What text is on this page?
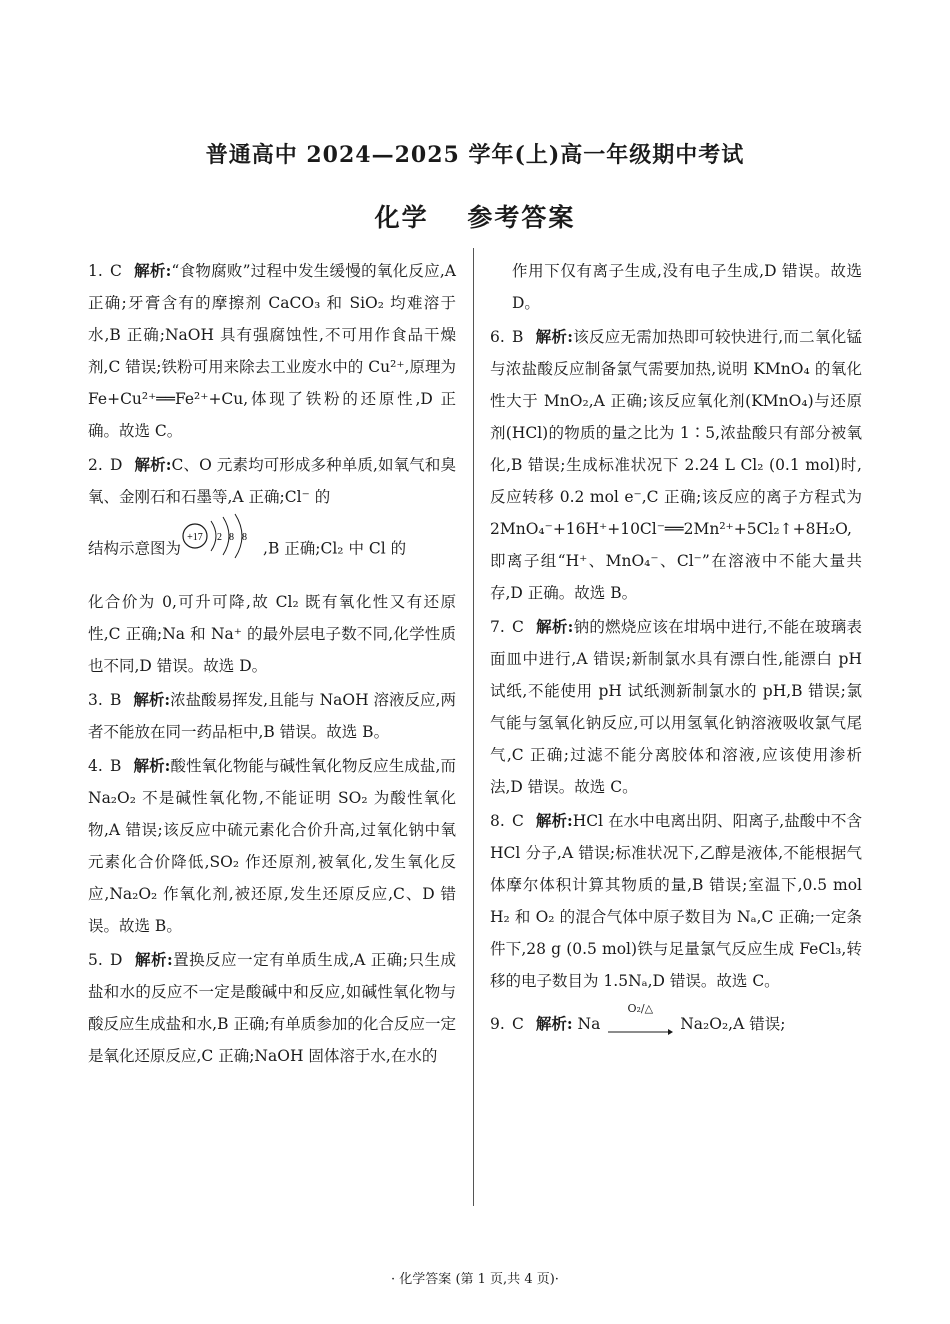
普通高中 2024—2025 学年(上)高一年级期中考试
化学 参考答案
1. C 解析:“食物腐败”过程中发生缓慢的氧化反应,A 正确;牙膏含有的摩擦剂 CaCO₃ 和 SiO₂ 均难溶于水,B 正确;NaOH 具有强腐蚀性,不可用作食品干燥剂,C 错误;铁粉可用来除去工业废水中的 Cu²⁺,原理为 Fe+Cu²⁺══Fe²⁺+Cu,体现了铁粉的还原性,D 正确。故选 C。
2. D 解析:C、O 元素均可形成多种单质,如氧气和臭氧、金刚石和石墨等,A 正确;Cl⁻ 的
结构示意图为
+17 2 8 8
,B 正确;Cl₂ 中 Cl 的
化合价为 0,可升可降,故 Cl₂ 既有氧化性又有还原性,C 正确;Na 和 Na⁺ 的最外层电子数不同,化学性质也不同,D 错误。故选 D。
3. B 解析:浓盐酸易挥发,且能与 NaOH 溶液反应,两者不能放在同一药品柜中,B 错误。故选 B。
4. B 解析:酸性氧化物能与碱性氧化物反应生成盐,而 Na₂O₂ 不是碱性氧化物,不能证明 SO₂ 为酸性氧化物,A 错误;该反应中硫元素化合价升高,过氧化钠中氧元素化合价降低,SO₂ 作还原剂,被氧化,发生氧化反应,Na₂O₂ 作氧化剂,被还原,发生还原反应,C、D 错误。故选 B。
5. D 解析:置换反应一定有单质生成,A 正确;只生成盐和水的反应不一定是酸碱中和反应,如碱性氧化物与酸反应生成盐和水,B 正确;有单质参加的化合反应一定是氧化还原反应,C 正确;NaOH 固体溶于水,在水的
作用下仅有离子生成,没有电子生成,D 错误。故选 D。
6. B 解析:该反应无需加热即可较快进行,而二氧化锰与浓盐酸反应制备氯气需要加热,说明 KMnO₄ 的氧化性大于 MnO₂,A 正确;该反应氧化剂(KMnO₄)与还原剂(HCl)的物质的量之比为 1∶5,浓盐酸只有部分被氧化,B 错误;生成标准状况下 2.24 L Cl₂ (0.1 mol)时,反应转移 0.2 mol e⁻,C 正确;该反应的离子方程式为 2MnO₄⁻+16H⁺+10Cl⁻══2Mn²⁺+5Cl₂↑+8H₂O,即离子组“H⁺、MnO₄⁻、Cl⁻”在溶液中不能大量共存,D 正确。故选 B。
7. C 解析:钠的燃烧应该在坩埚中进行,不能在玻璃表面皿中进行,A 错误;新制氯水具有漂白性,能漂白 pH 试纸,不能使用 pH 试纸测新制氯水的 pH,B 错误;氯气能与氢氧化钠反应,可以用氢氧化钠溶液吸收氯气尾气,C 正确;过滤不能分离胶体和溶液,应该使用渗析法,D 错误。故选 C。
8. C 解析:HCl 在水中电离出阴、阳离子,盐酸中不含 HCl 分子,A 错误;标准状况下,乙醇是液体,不能根据气体摩尔体积计算其物质的量,B 错误;室温下,0.5 mol H₂ 和 O₂ 的混合气体中原子数目为 Nₐ,C 正确;一定条件下,28 g (0.5 mol)铁与足量氯气反应生成 FeCl₃,转移的电子数目为 1.5Nₐ,D 错误。故选 C。
9. C 解析: Na
O₂/△
Na₂O₂,A 错误;
· 化学答案 (第 1 页,共 4 页)·
